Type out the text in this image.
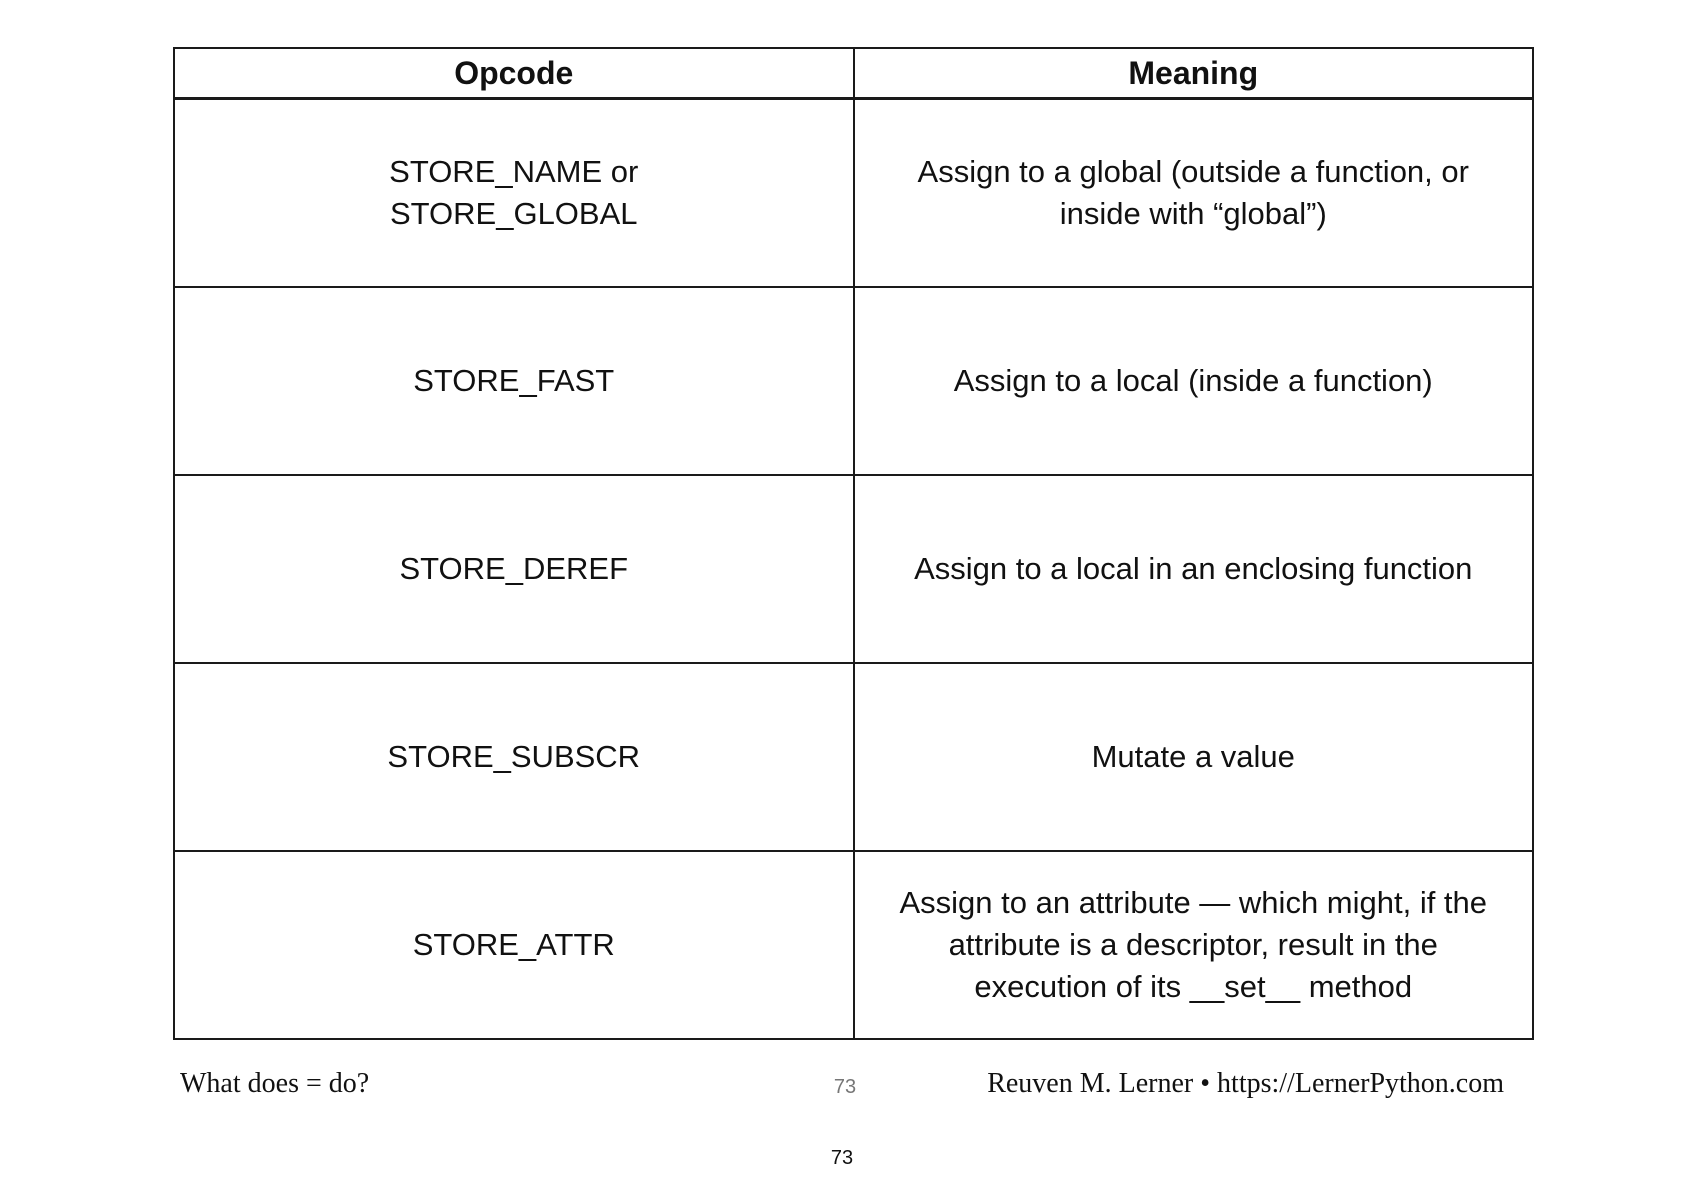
Opcode	Meaning

STORE_NAME or
STORE_GLOBAL	Assign to a global (outside a function, or
inside with “global”)

STORE_FAST	Assign to a local (inside a function)

STORE_DEREF	Assign to a local in an enclosing function

STORE_SUBSCR	Mutate a value

STORE_ATTR	Assign to an attribute — which might, if the
attribute is a descriptor, result in the
execution of its __set__ method
What does = do?	73	Reuven M. Lerner • https://LernerPython.com
73
